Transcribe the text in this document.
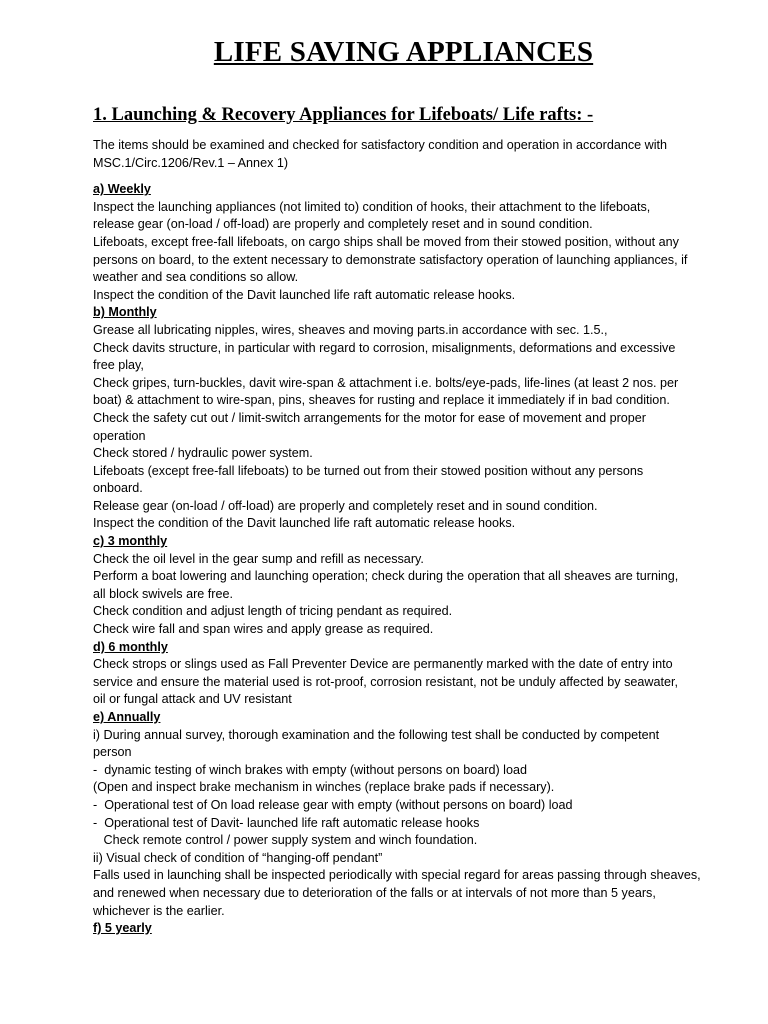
LIFE SAVING APPLIANCES
1. Launching & Recovery Appliances for Lifeboats/ Life rafts: -
The items should be examined and checked for satisfactory condition and operation in accordance with
MSC.1/Circ.1206/Rev.1 – Annex 1)
a) Weekly
Inspect the launching appliances (not limited to) condition of hooks, their attachment to the lifeboats,
release gear (on-load / off-load) are properly and completely reset and in sound condition.
Lifeboats, except free-fall lifeboats, on cargo ships shall be moved from their stowed position, without any
persons on board, to the extent necessary to demonstrate satisfactory operation of launching appliances, if
weather and sea conditions so allow.
Inspect the condition of the Davit launched life raft automatic release hooks.
b) Monthly
Grease all lubricating nipples, wires, sheaves and moving parts.in accordance with sec. 1.5.,
Check davits structure, in particular with regard to corrosion, misalignments, deformations and excessive
free play,
Check gripes, turn-buckles, davit wire-span & attachment i.e. bolts/eye-pads, life-lines (at least 2 nos. per
boat) & attachment to wire-span, pins, sheaves for rusting and replace it immediately if in bad condition.
Check the safety cut out / limit-switch arrangements for the motor for ease of movement and proper
operation
Check stored / hydraulic power system.
Lifeboats (except free-fall lifeboats) to be turned out from their stowed position without any persons
onboard.
Release gear (on-load / off-load) are properly and completely reset and in sound condition.
Inspect the condition of the Davit launched life raft automatic release hooks.
c) 3 monthly
Check the oil level in the gear sump and refill as necessary.
Perform a boat lowering and launching operation; check during the operation that all sheaves are turning,
all block swivels are free.
Check condition and adjust length of tricing pendant as required.
Check wire fall and span wires and apply grease as required.
d) 6 monthly
Check strops or slings used as Fall Preventer Device are permanently marked with the date of entry into
service and ensure the material used is rot-proof, corrosion resistant, not be unduly affected by seawater,
oil or fungal attack and UV resistant
e) Annually
i) During annual survey, thorough examination and the following test shall be conducted by competent
person
-  dynamic testing of winch brakes with empty (without persons on board) load
(Open and inspect brake mechanism in winches (replace brake pads if necessary).
-  Operational test of On load release gear with empty (without persons on board) load
-  Operational test of Davit- launched life raft automatic release hooks
Check remote control / power supply system and winch foundation.
ii) Visual check of condition of “hanging-off pendant”
Falls used in launching shall be inspected periodically with special regard for areas passing through sheaves,
and renewed when necessary due to deterioration of the falls or at intervals of not more than 5 years,
whichever is the earlier.
f) 5 yearly
